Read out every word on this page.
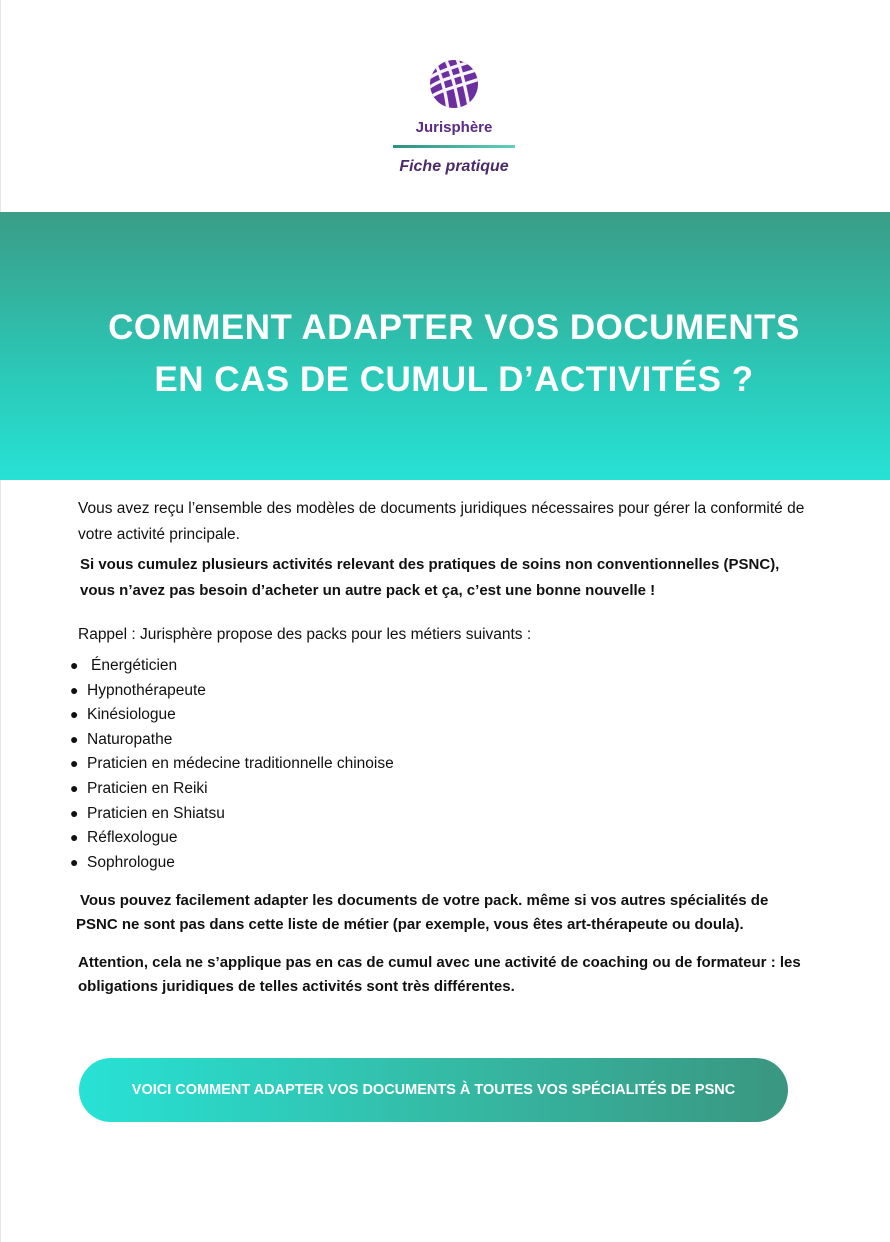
Jurisphère
Fiche pratique
COMMENT ADAPTER VOS DOCUMENTS
EN CAS DE CUMUL D’ACTIVITÉS ?

Vous avez reçu l’ensemble des modèles de documents juridiques nécessaires pour gérer la conformité de
votre activité principale.

Si vous cumulez plusieurs activités relevant des pratiques de soins non conventionnelles (PSNC),
vous n’avez pas besoin d’acheter un autre pack et ça, c’est une bonne nouvelle !

Rappel : Jurisphère propose des packs pour les métiers suivants :

● Énergéticien
● Hypnothérapeute
● Kinésiologue
● Naturopathe
● Praticien en médecine traditionnelle chinoise
● Praticien en Reiki
● Praticien en Shiatsu
● Réflexologue
● Sophrologue

Vous pouvez facilement adapter les documents de votre pack. même si vos autres spécialités de
PSNC ne sont pas dans cette liste de métier (par exemple, vous êtes art-thérapeute ou doula).

Attention, cela ne s’applique pas en cas de cumul avec une activité de coaching ou de formateur : les
obligations juridiques de telles activités sont très différentes.

VOICI COMMENT ADAPTER VOS DOCUMENTS À TOUTES VOS SPÉCIALITÉS DE PSNC
